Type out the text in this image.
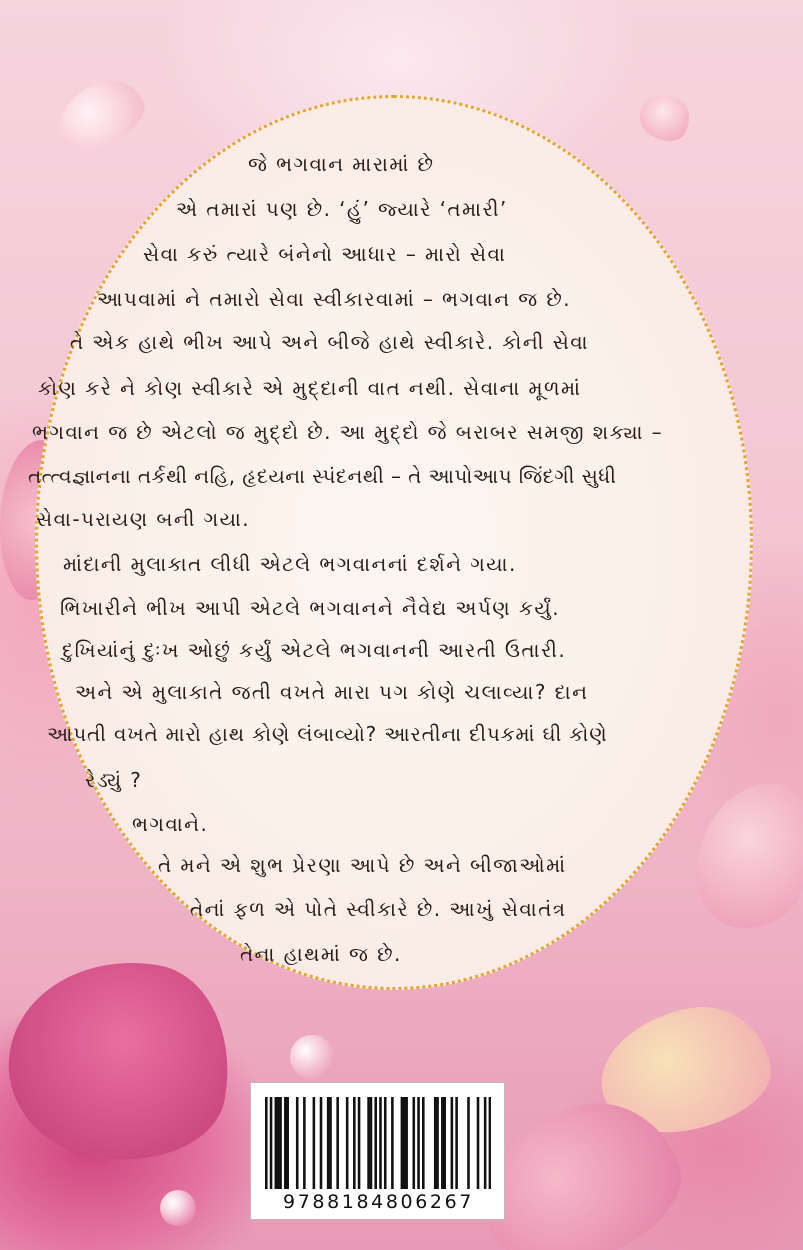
જે ભગવાન મારામાં છે
એ તમારાં પણ છે. ‘હું’ જ્યારે ‘તમારી’
સેવા કરું ત્યારે બંનેનો આધાર – મારો સેવા
આપવામાં ને તમારો સેવા સ્વીકારવામાં – ભગવાન જ છે.
તે એક હાથે ભીખ આપે અને બીજે હાથે સ્વીકારે. કોની સેવા
કોણ કરે ને કોણ સ્વીકારે એ મુદ્દાની વાત નથી. સેવાના મૂળમાં
ભગવાન જ છે એટલો જ મુદ્દો છે. આ મુદ્દો જે બરાબર સમજી શક્યા –
તત્ત્વજ્ઞાનના તર્કથી નહિ, હૃદયના સ્પંદનથી – તે આપોઆપ જિંદગી સુધી
સેવા-પરાયણ બની ગયા.
માંદાની મુલાકાત લીધી એટલે ભગવાનનાં દર્શને ગયા.
ભિખારીને ભીખ આપી એટલે ભગવાનને નૈવેદ્ય અર્પણ કર્યું.
દુખિયાંનું દુઃખ ઓછું કર્યું એટલે ભગવાનની આરતી ઉતારી.
અને એ મુલાકાતે જતી વખતે મારા પગ કોણે ચલાવ્યા? દાન
આપતી વખતે મારો હાથ કોણે લંબાવ્યો? આરતીના દીપકમાં ઘી કોણે
રેડ્યું ?
ભગવાને.
તે મને એ શુભ પ્રેરણા આપે છે અને બીજાઓમાં
તેનાં ફળ એ પોતે સ્વીકારે છે. આખું સેવાતંત્ર
તેના હાથમાં જ છે.
9788184806267
